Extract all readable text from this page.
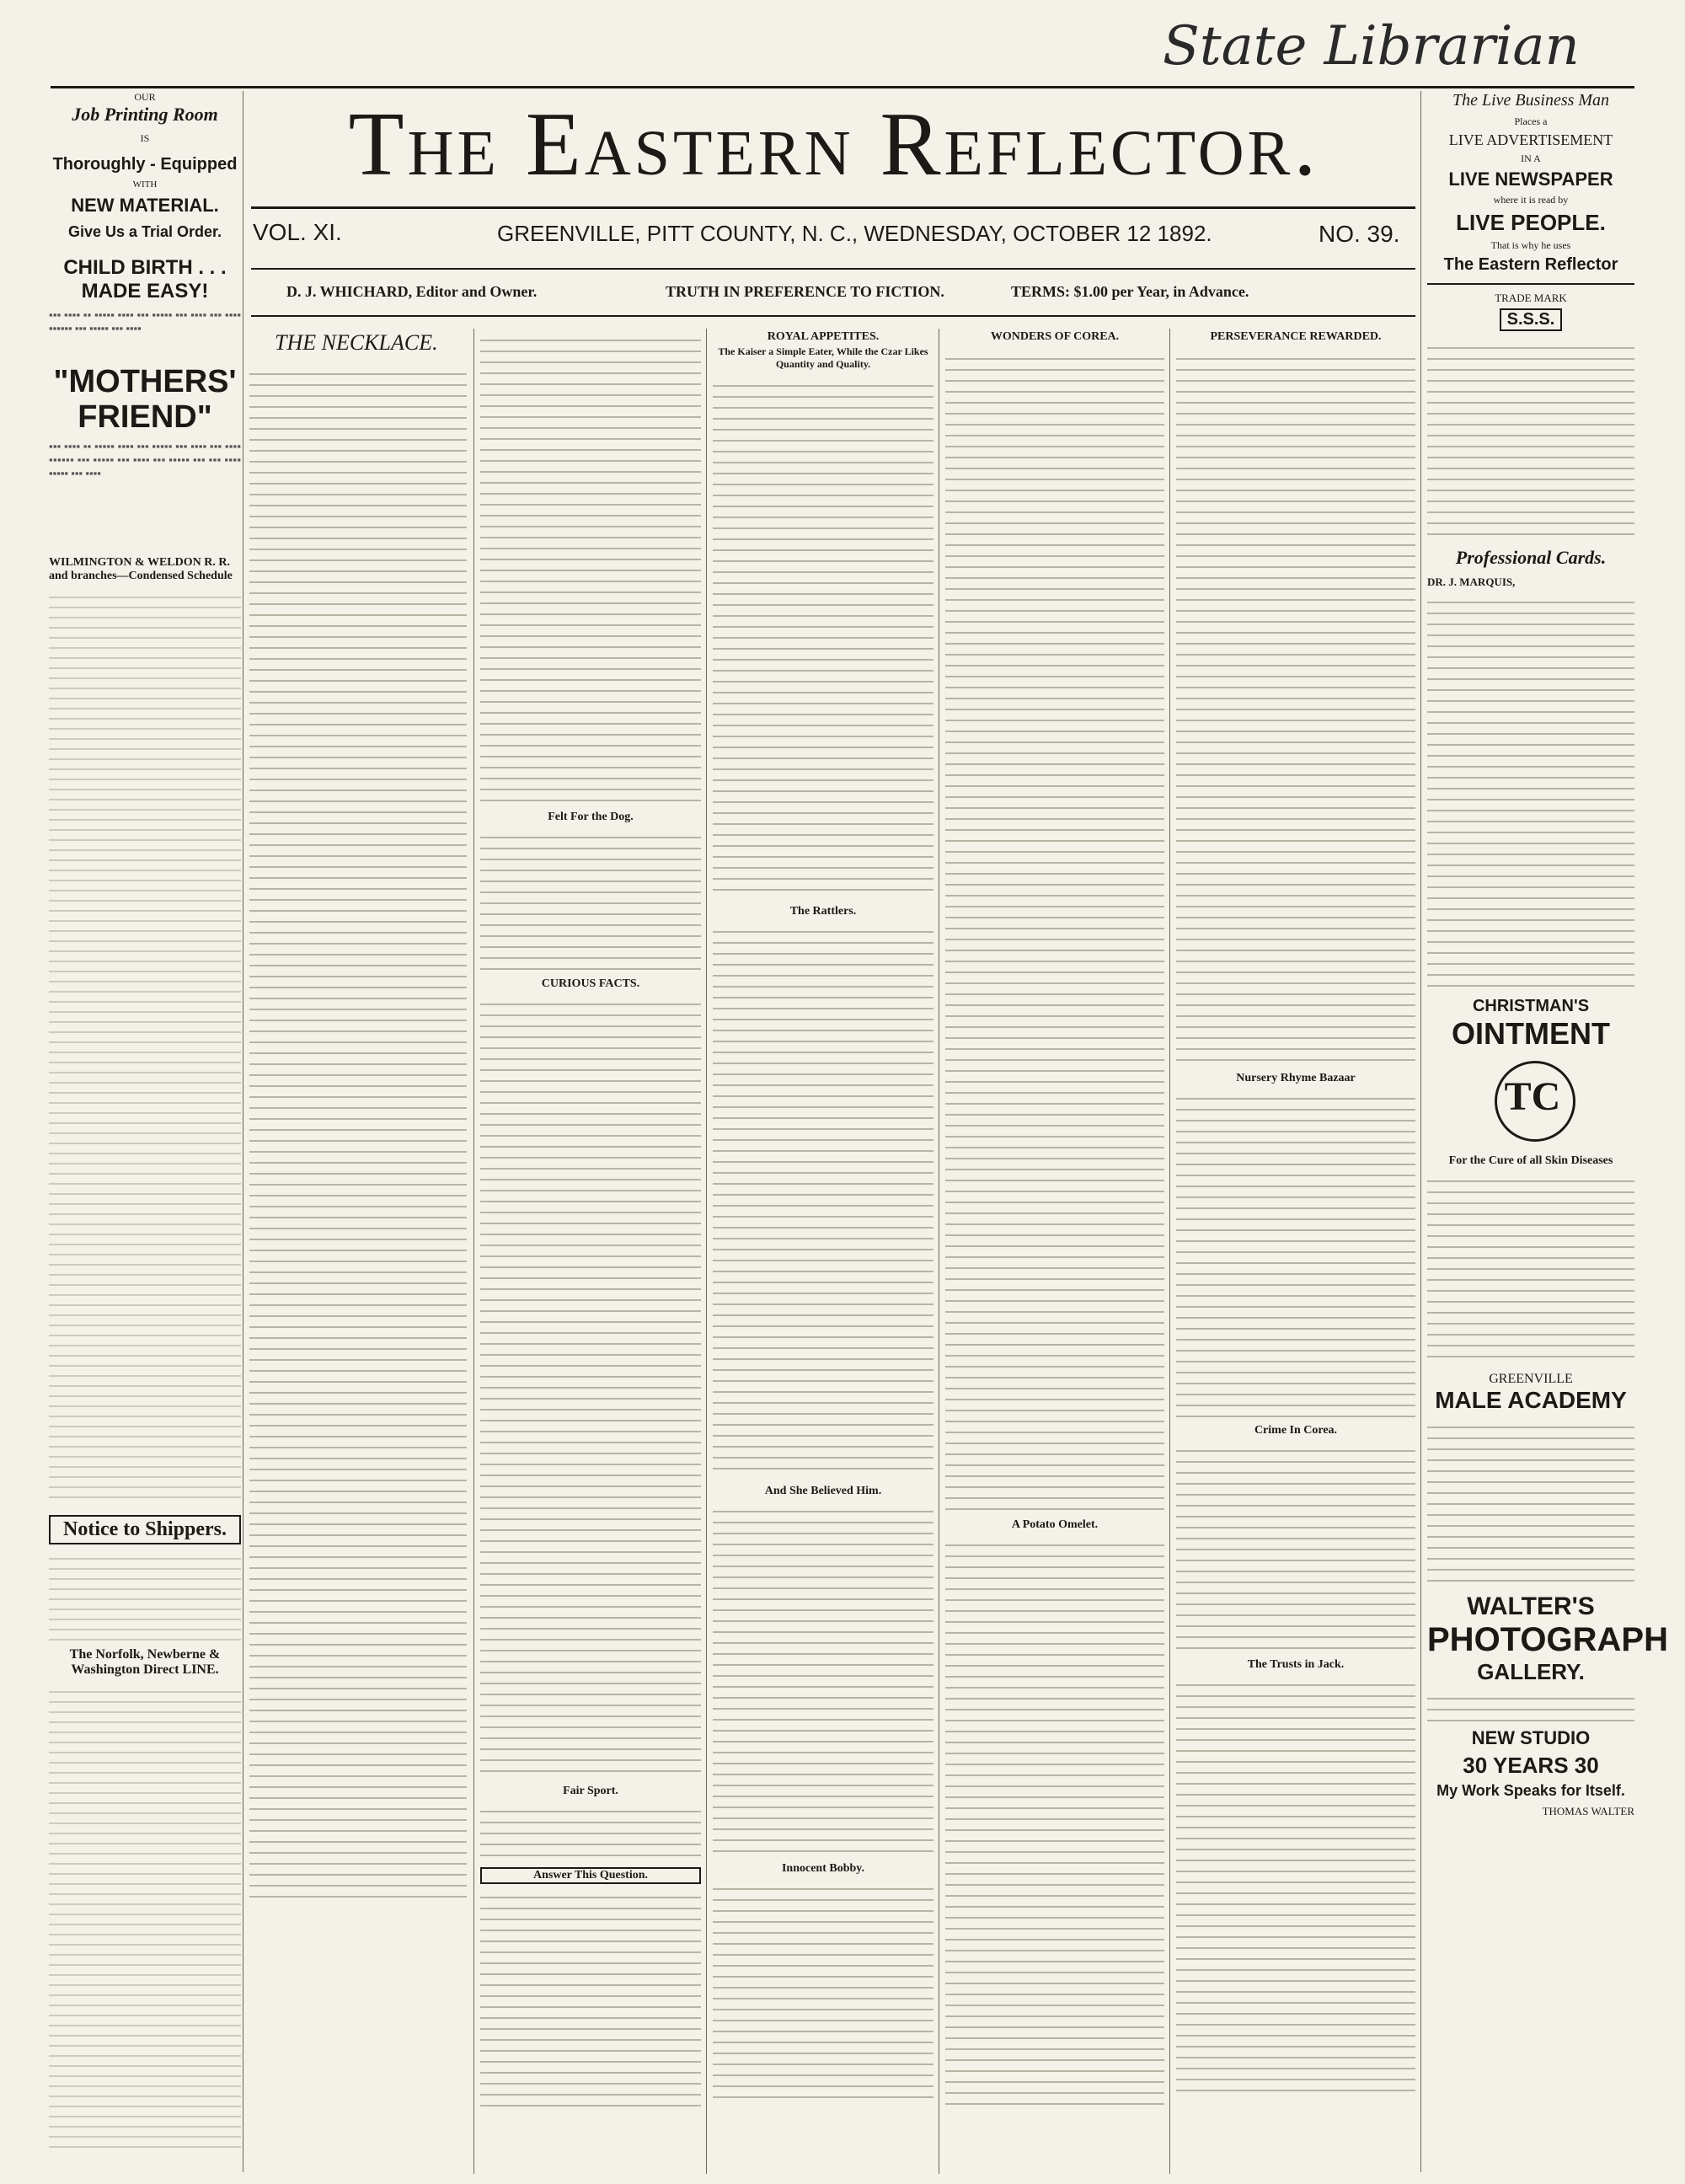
State Librarian
OUR
Job Printing Room
IS
Thoroughly - Equipped
WITH
NEW MATERIAL.
Give Us a Trial Order.
CHILD BIRTH . . . MADE EASY!
▪▪▪ ▪▪▪▪ ▪▪ ▪▪▪▪▪ ▪▪▪▪ ▪▪▪ ▪▪▪▪▪ ▪▪▪ ▪▪▪▪ ▪▪▪ ▪▪▪▪ ▪▪▪▪▪▪ ▪▪▪ ▪▪▪▪▪ ▪▪▪ ▪▪▪▪
"MOTHERS' FRIEND"
▪▪▪ ▪▪▪▪ ▪▪ ▪▪▪▪▪ ▪▪▪▪ ▪▪▪ ▪▪▪▪▪ ▪▪▪ ▪▪▪▪ ▪▪▪ ▪▪▪▪ ▪▪▪▪▪▪ ▪▪▪ ▪▪▪▪▪ ▪▪▪ ▪▪▪▪ ▪▪▪ ▪▪▪▪▪ ▪▪▪ ▪▪▪ ▪▪▪▪ ▪▪▪▪▪ ▪▪▪ ▪▪▪▪
WILMINGTON & WELDON R. R. and branches—Condensed Schedule
Notice to Shippers.
The Norfolk, Newberne & Washington Direct LINE.
The Eastern Reflector.
VOL. XI.	GREENVILLE, PITT COUNTY, N. C., WEDNESDAY, OCTOBER 12 1892.	NO. 39.
D. J. WHICHARD, Editor and Owner.	TRUTH IN PREFERENCE TO FICTION.	TERMS: $1.00 per Year, in Advance.
THE NECKLACE.
Felt For the Dog.
CURIOUS FACTS.
Fair Sport.
Answer This Question.
ROYAL APPETITES.
The Kaiser a Simple Eater, While the Czar Likes Quantity and Quality.
The Rattlers.
And She Believed Him.
Innocent Bobby.
WONDERS OF COREA.
A Potato Omelet.
PERSEVERANCE REWARDED.
Nursery Rhyme Bazaar
Crime In Corea.
The Trusts in Jack.
The Live Business Man
Places a
LIVE ADVERTISEMENT
IN A
LIVE NEWSPAPER
where it is read by
LIVE PEOPLE.
That is why he uses
The Eastern Reflector
TRADE MARK
S.S.S.
Professional Cards.
DR. J. MARQUIS,
CHRISTMAN'S
OINTMENT
TC
For the Cure of all Skin Diseases
GREENVILLE
MALE ACADEMY
WALTER'S
PHOTOGRAPH
GALLERY.
NEW STUDIO
30 YEARS 30
My Work Speaks for Itself.
THOMAS WALTER
